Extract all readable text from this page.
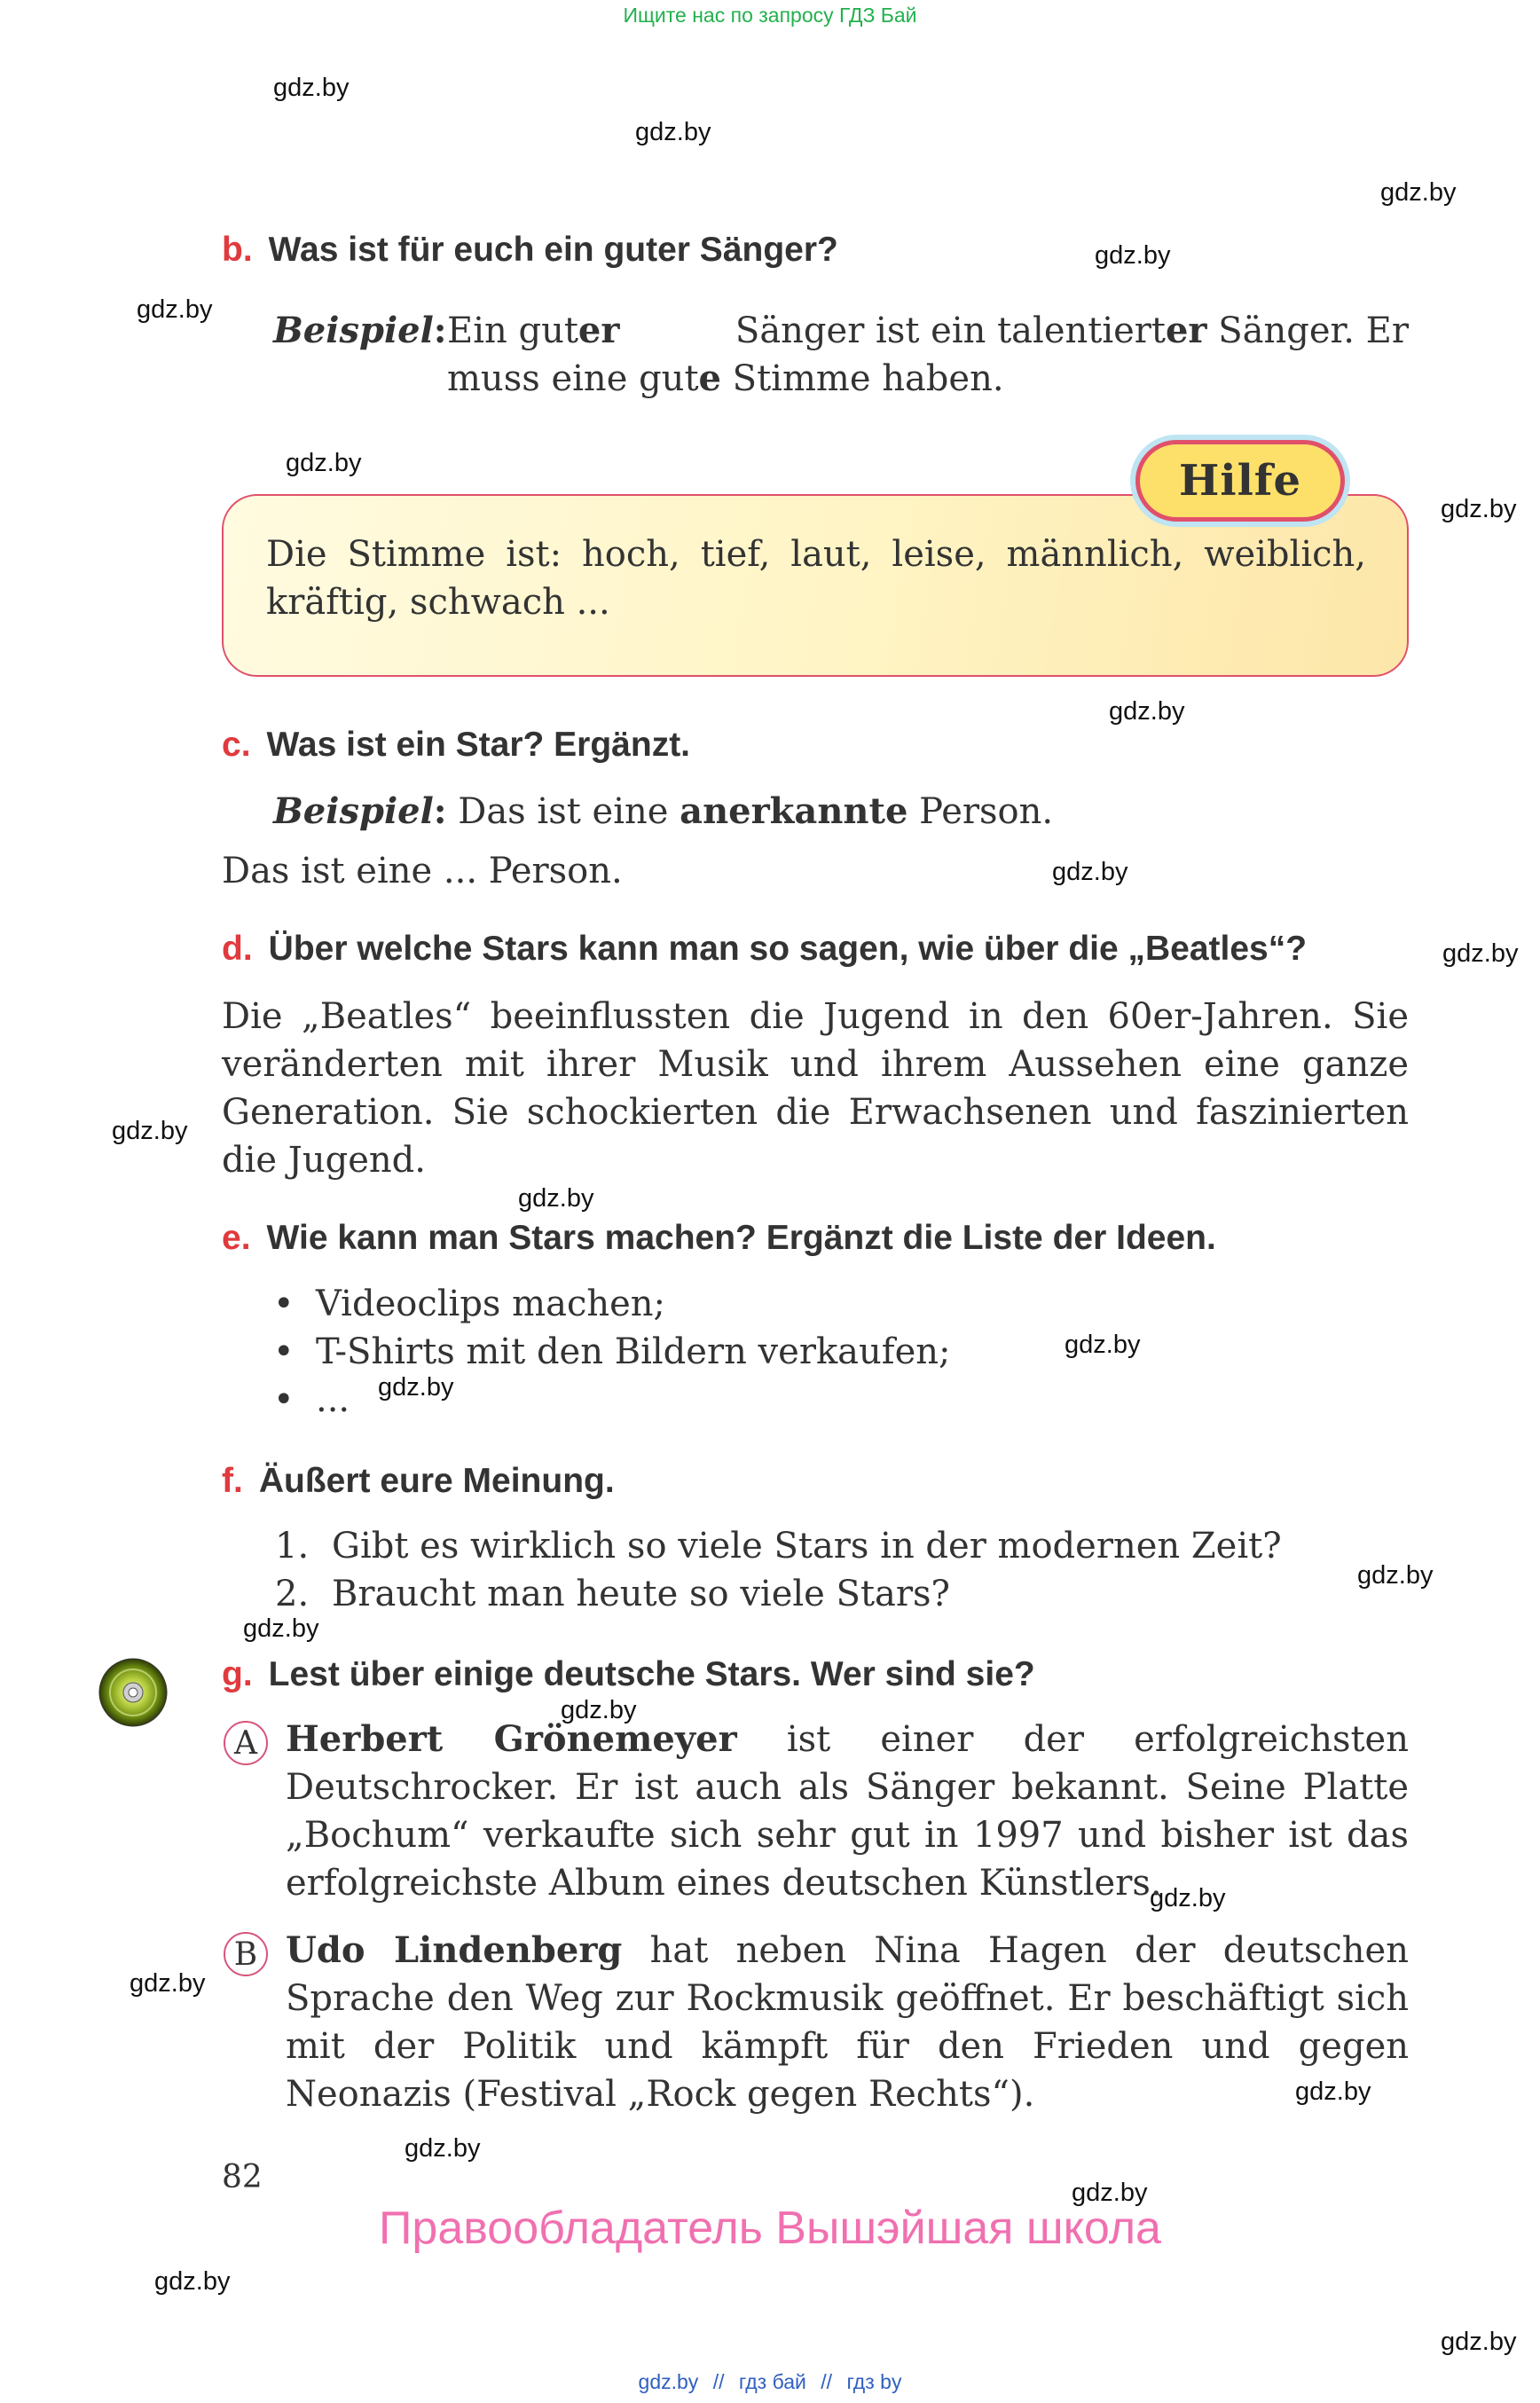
Ищите нас по запросу ГДЗ Бай
gdz.by
gdz.by
gdz.by
gdz.by
gdz.by
gdz.by
gdz.by
gdz.by
gdz.by
gdz.by
gdz.by
gdz.by
gdz.by
gdz.by
gdz.by
gdz.by
gdz.by
gdz.by
gdz.by
gdz.by
gdz.by
gdz.by
gdz.by
gdz.by
b. Was ist für euch ein guter Sänger?
Beispiel: Ein guter	Sänger ist ein talentierter Sänger. Er
muss eine gute Stimme haben.
Hilfe
Die Stimme ist: hoch, tief, laut, leise, männlich, weiblich, kräftig, schwach ...
c. Was ist ein Star? Ergänzt.
Beispiel: Das ist eine anerkannte Person.
Das ist eine ... Person.
d. Über welche Stars kann man so sagen, wie über die „Beatles“?
Die „Beatles“ beeinflussten die Jugend in den 60er-Jahren. Sie veränderten mit ihrer Musik und ihrem Aussehen eine ganze Generation. Sie schockierten die Erwachsenen und faszinierten die Jugend.
e. Wie kann man Stars machen? Ergänzt die Liste der Ideen.
• Videoclips machen;
• T-Shirts mit den Bildern verkaufen;
• ...
f. Äußert eure Meinung.
1. Gibt es wirklich so viele Stars in der modernen Zeit?
2. Braucht man heute so viele Stars?
g. Lest über einige deutsche Stars. Wer sind sie?
A Herbert Grönemeyer ist einer der erfolgreichsten Deutschrocker. Er ist auch als Sänger bekannt. Seine Platte „Bochum“ verkaufte sich sehr gut in 1997 und bisher ist das erfolgreichste Album eines deutschen Künstlers.
B Udo Lindenberg hat neben Nina Hagen der deutschen Sprache den Weg zur Rockmusik geöffnet. Er beschäftigt sich mit der Politik und kämpft für den Frieden und gegen Neonazis (Festival „Rock gegen Rechts“).
82
Правообладатель Вышэйшая школа
gdz.by // гдз бай // гдз by
